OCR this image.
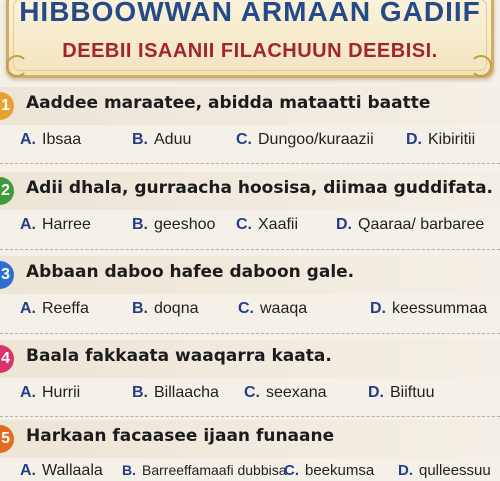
HIBBOOWWAN ARMAAN GADIIF
DEEBII ISAANII FILACHUUN DEEBISI.
1 Aaddee maraatee, abidda mataatti baatte
A. Ibsaa	B. Aduu	C. Dungoo/kuraazii D. Kibiritii
2 Adii dhala, gurraacha hoosisa, diimaa guddifata.
A. Harree	B. geeshoo C. Xaafii D. Qaaraa/ barbaree
3 Abbaan daboo hafee daboon gale.
A. Reeffa	B. doqna C. waaqa	D. keessummaa
4 Baala fakkaata waaqarra kaata.
A. Hurrii	B. Billaacha C. seexana	D. Biiftuu
5 Harkaan facaasee ijaan funaane
A. Wallaala B. Barreeffamaafi dubbisa
C. beekumsa D. qulleessuu
